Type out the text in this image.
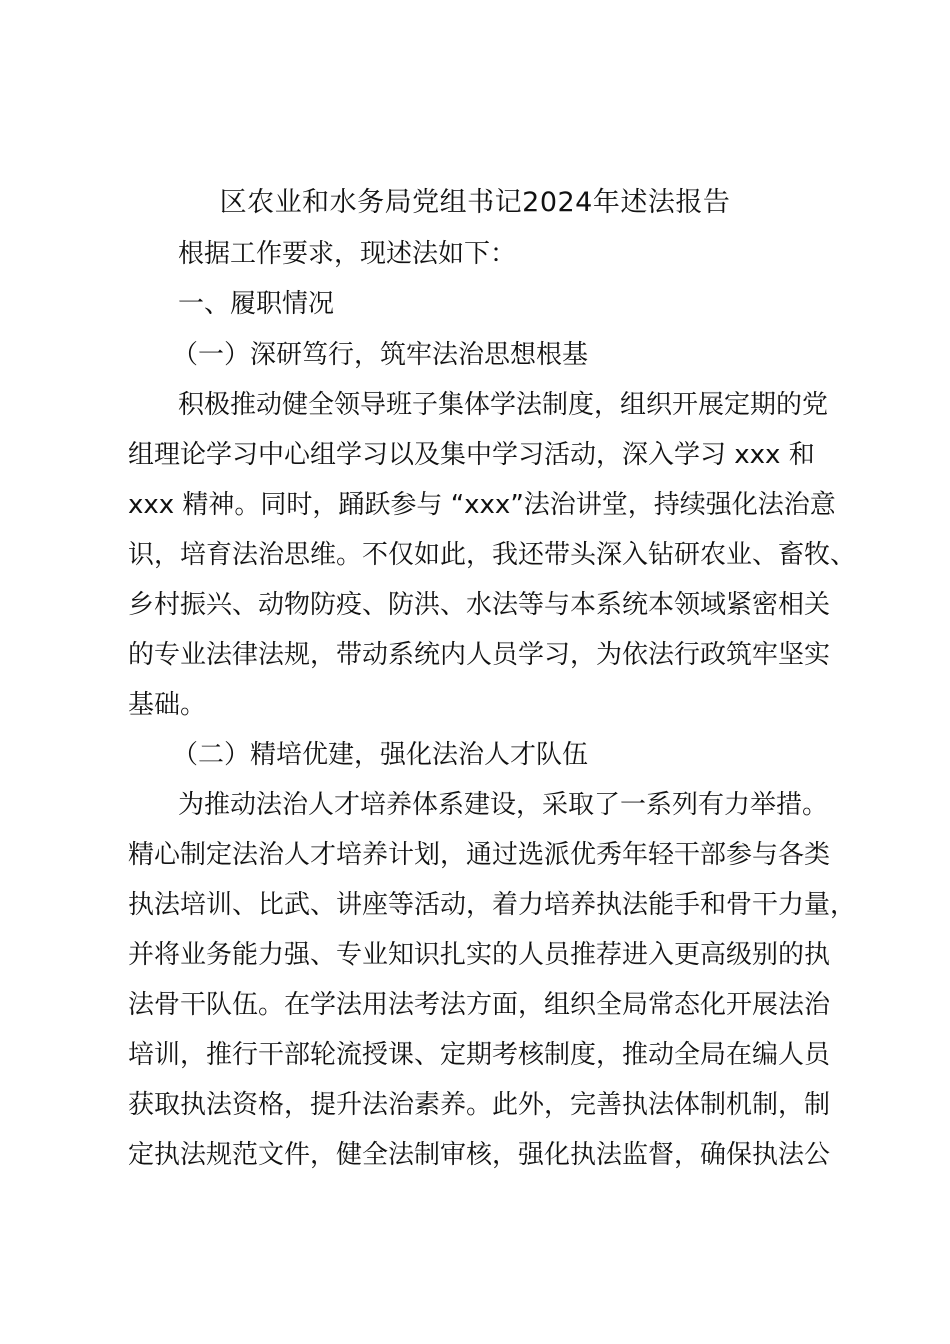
区农业和水务局党组书记2024年述法报告

根据工作要求，现述法如下：

一、履职情况

（一）深研笃行，筑牢法治思想根基

积极推动健全领导班子集体学法制度，组织开展定期的党

组理论学习中心组学习以及集中学习活动，深入学习 xxx 和

xxx 精神。同时，踊跃参与 “xxx”法治讲堂，持续强化法治意

识，培育法治思维。不仅如此，我还带头深入钻研农业、畜牧、

乡村振兴、动物防疫、防洪、水法等与本系统本领域紧密相关

的专业法律法规，带动系统内人员学习，为依法行政筑牢坚实

基础。

（二）精培优建，强化法治人才队伍

为推动法治人才培养体系建设，采取了一系列有力举措。

精心制定法治人才培养计划，通过选派优秀年轻干部参与各类

执法培训、比武、讲座等活动，着力培养执法能手和骨干力量，

并将业务能力强、专业知识扎实的人员推荐进入更高级别的执

法骨干队伍。在学法用法考法方面，组织全局常态化开展法治

培训，推行干部轮流授课、定期考核制度，推动全局在编人员

获取执法资格，提升法治素养。此外，完善执法体制机制，制

定执法规范文件，健全法制审核，强化执法监督，确保执法公
